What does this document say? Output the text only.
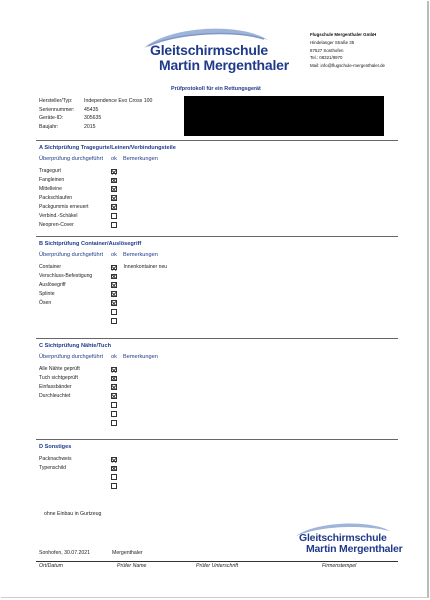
Gleitschirmschule
Martin Mergenthaler
Flugschule Mergenthaler GmbH
Hindelanger Straße 35
87527 Sonthofen
Tel.: 08321/9970
Mail: info@flugschule-mergenthaler.de
Prüfprotokoll für ein Rettungsgerät
Hersteller/Typ:	Independence Evo Cross 100
Seriennummer:	45435
Geräte-ID:	305635
Baujahr:	2015
A Sichtprüfung Tragegurte/Leinen/Verbindungsteile
Überprüfung durchgeführt	ok	Bemerkungen
Tragegurt
Fangleinen
Mittelleine
Packschlaufen
Packgummis erneuert
Verbind.-Schäkel
Neopren-Cover
B Sichtprüfung Container/Auslösegriff
Überprüfung durchgeführt	ok	Bemerkungen
Container	Innenkontainer neu
Verschluss-Befestigung
Auslösegriff
Splinte
Ösen
C Sichtprüfung Nähte/Tuch
Überprüfung durchgeführt	ok	Bemerkungen
Alle Nähte geprüft
Tuch sichtgeprüft
Einfassbänder
Durchleuchtet
D Sonstiges
Packnachweis
Typenschild
ohne Einbau in Gurtzeug
Gleitschirmschule
Martin Mergenthaler
Sonhofen, 30.07.2021	Mergenthaler
Ort/Datum	Prüfer Name	Prüfer Unterschrift	Firmenstempel
